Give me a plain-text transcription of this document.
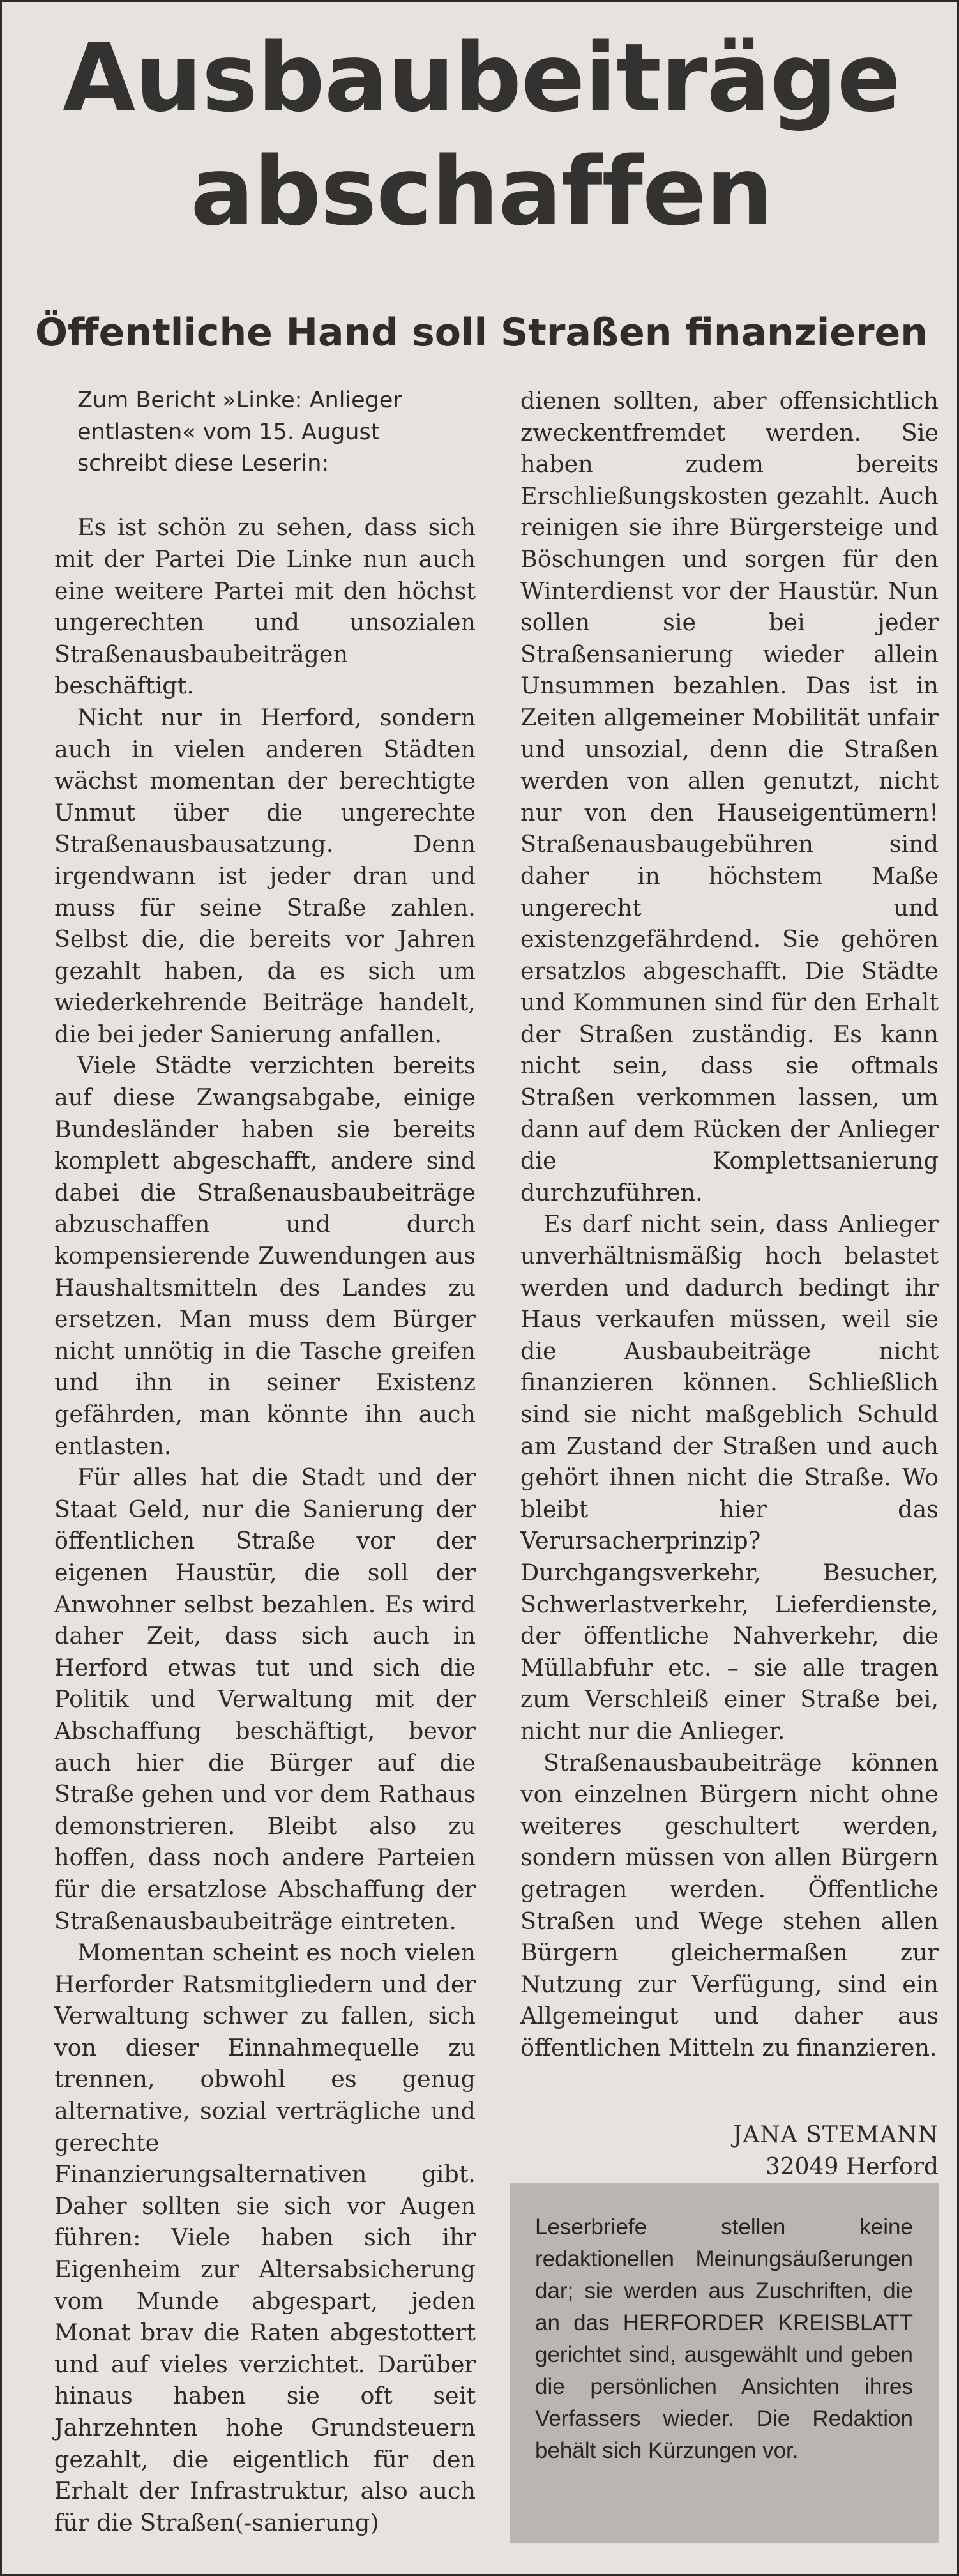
Ausbaubeiträge
abschaffen
Öffentliche Hand soll Straßen finanzieren

Zum Bericht »Linke: Anlieger entlasten« vom 15. August schreibt diese Leserin:

Es ist schön zu sehen, dass sich mit der Partei Die Linke nun auch eine weitere Partei mit den höchst ungerechten und unsozialen Straßenausbaubeiträgen beschäftigt.

Nicht nur in Herford, sondern auch in vielen anderen Städten wächst momentan der berechtigte Unmut über die ungerechte Straßenausbausatzung. Denn irgendwann ist jeder dran und muss für seine Straße zahlen. Selbst die, die bereits vor Jahren gezahlt haben, da es sich um wiederkehrende Beiträge handelt, die bei jeder Sanierung anfallen.

Viele Städte verzichten bereits auf diese Zwangsabgabe, einige Bundesländer haben sie bereits komplett abgeschafft, andere sind dabei die Straßenausbaubeiträge abzuschaffen und durch kompensierende Zuwendungen aus Haushaltsmitteln des Landes zu ersetzen. Man muss dem Bürger nicht unnötig in die Tasche greifen und ihn in seiner Existenz gefährden, man könnte ihn auch entlasten.

Für alles hat die Stadt und der Staat Geld, nur die Sanierung der öffentlichen Straße vor der eigenen Haustür, die soll der Anwohner selbst bezahlen. Es wird daher Zeit, dass sich auch in Herford etwas tut und sich die Politik und Verwaltung mit der Abschaffung beschäftigt, bevor auch hier die Bürger auf die Straße gehen und vor dem Rathaus demonstrieren. Bleibt also zu hoffen, dass noch andere Parteien für die ersatzlose Abschaffung der Straßenausbaubeiträge eintreten.

Momentan scheint es noch vielen Herforder Ratsmitgliedern und der Verwaltung schwer zu fallen, sich von dieser Einnahmequelle zu trennen, obwohl es genug alternative, sozial verträgliche und gerechte Finanzierungsalternativen gibt. Daher sollten sie sich vor Augen führen: Viele haben sich ihr Eigenheim zur Altersabsicherung vom Munde abgespart, jeden Monat brav die Raten abgestottert und auf vieles verzichtet. Darüber hinaus haben sie oft seit Jahrzehnten hohe Grundsteuern gezahlt, die eigentlich für den Erhalt der Infrastruktur, also auch für die Straßen(-sanierung)

dienen sollten, aber offensichtlich zweckentfremdet werden. Sie haben zudem bereits Erschließungskosten gezahlt. Auch reinigen sie ihre Bürgersteige und Böschungen und sorgen für den Winterdienst vor der Haustür. Nun sollen sie bei jeder Straßensanierung wieder allein Unsummen bezahlen. Das ist in Zeiten allgemeiner Mobilität unfair und unsozial, denn die Straßen werden von allen genutzt, nicht nur von den Hauseigentümern! Straßenausbaugebühren sind daher in höchstem Maße ungerecht und existenzgefährdend. Sie gehören ersatzlos abgeschafft. Die Städte und Kommunen sind für den Erhalt der Straßen zuständig. Es kann nicht sein, dass sie oftmals Straßen verkommen lassen, um dann auf dem Rücken der Anlieger die Komplettsanierung durchzuführen.

Es darf nicht sein, dass Anlieger unverhältnismäßig hoch belastet werden und dadurch bedingt ihr Haus verkaufen müssen, weil sie die Ausbaubeiträge nicht finanzieren können. Schließlich sind sie nicht maßgeblich Schuld am Zustand der Straßen und auch gehört ihnen nicht die Straße. Wo bleibt hier das Verursacherprinzip? Durchgangsverkehr, Besucher, Schwerlastverkehr, Lieferdienste, der öffentliche Nahverkehr, die Müllabfuhr etc. – sie alle tragen zum Verschleiß einer Straße bei, nicht nur die Anlieger.

Straßenausbaubeiträge können von einzelnen Bürgern nicht ohne weiteres geschultert werden, sondern müssen von allen Bürgern getragen werden. Öffentliche Straßen und Wege stehen allen Bürgern gleichermaßen zur Nutzung zur Verfügung, sind ein Allgemeingut und daher aus öffentlichen Mitteln zu finanzieren.

JANA STEMANN
32049 Herford
Leserbriefe stellen keine redaktionellen Meinungsäußerungen dar; sie werden aus Zuschriften, die an das HERFORDER KREISBLATT gerichtet sind, ausgewählt und geben die persönlichen Ansichten ihres Verfassers wieder. Die Redaktion behält sich Kürzungen vor.
